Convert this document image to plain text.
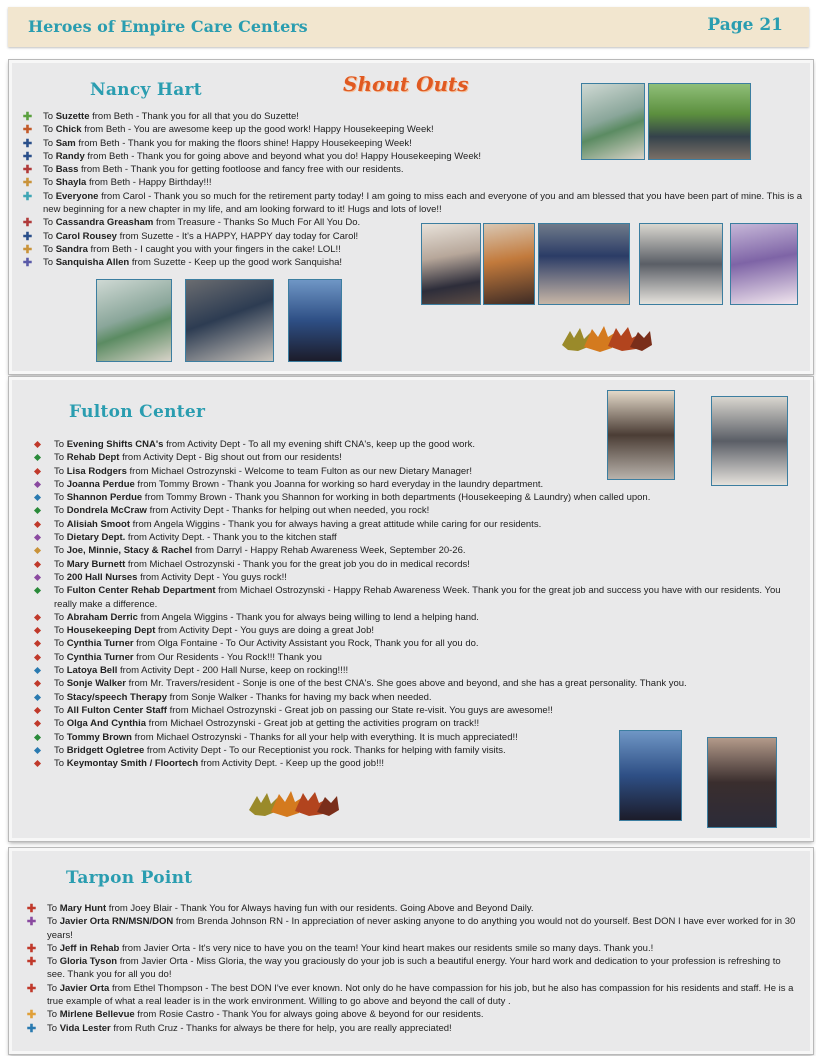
Heroes of Empire Care Centers	Page 21
Nancy Hart	Shout Outs
✚ To Suzette from Beth - Thank you for all that you do Suzette!
✚ To Chick from Beth - You are awesome keep up the good work! Happy Housekeeping Week!
✚ To Sam from Beth - Thank you for making the floors shine! Happy Housekeeping Week!
✚ To Randy from Beth - Thank you for going above and beyond what you do! Happy Housekeeping Week!
✚ To Bass from Beth - Thank you for getting footloose and fancy free with our residents.
✚ To Shayla from Beth - Happy Birthday!!!
✚ To Everyone from Carol - Thank you so much for the retirement party today! I am going to miss each and everyone of you and am blessed that you have been part of mine. This is a new beginning for a new chapter in my life, and am looking forward to it! Hugs and lots of love!!
✚ To Cassandra Greasham from Treasure - Thanks So Much For All You Do.
✚ To Carol Rousey from Suzette - It's a HAPPY, HAPPY day today for Carol!
✚ To Sandra from Beth - I caught you with your fingers in the cake! LOL!!
✚ To Sanquisha Allen from Suzette - Keep up the good work Sanquisha!
Fulton Center
To Evening Shifts CNA's from Activity Dept - To all my evening shift CNA's, keep up the good work.
To Rehab Dept from Activity Dept - Big shout out from our residents!
To Lisa Rodgers from Michael Ostrozynski - Welcome to team Fulton as our new Dietary Manager!
To Joanna Perdue from Tommy Brown - Thank you Joanna for working so hard everyday in the laundry department.
To Shannon Perdue from Tommy Brown - Thank you Shannon for working in both departments (Housekeeping & Laundry) when called upon.
To Dondrela McCraw from Activity Dept - Thanks for helping out when needed, you rock!
To Alisiah Smoot from Angela Wiggins - Thank you for always having a great attitude while caring for our residents.
To Dietary Dept. from Activity Dept. - Thank you to the kitchen staff
To Joe, Minnie, Stacy & Rachel from Darryl - Happy Rehab Awareness Week, September 20-26.
To Mary Burnett from Michael Ostrozynski - Thank you for the great job you do in medical records!
To 200 Hall Nurses from Activity Dept - You guys rock!!
To Fulton Center Rehab Department from Michael Ostrozynski - Happy Rehab Awareness Week. Thank you for the great job and success you have with our residents. You really make a difference.
To Abraham Derric from Angela Wiggins - Thank you for always being willing to lend a helping hand.
To Housekeeping Dept from Activity Dept - You guys are doing a great Job!
To Cynthia Turner from Olga Fontaine - To Our Activity Assistant you Rock, Thank you for all you do.
To Cynthia Turner from Our Residents - You Rock!!! Thank you
To Latoya Bell from Activity Dept - 200 Hall Nurse, keep on rocking!!!!
To Sonje Walker from Mr. Travers/resident - Sonje is one of the best CNA's. She goes above and beyond, and she has a great personality. Thank you.
To Stacy/speech Therapy from Sonje Walker - Thanks for having my back when needed.
To All Fulton Center Staff from Michael Ostrozynski - Great job on passing our State re-visit. You guys are awesome!!
To Olga And Cynthia from Michael Ostrozynski - Great job at getting the activities program on track!!
To Tommy Brown from Michael Ostrozynski - Thanks for all your help with everything. It is much appreciated!!
To Bridgett Ogletree from Activity Dept - To our Receptionist you rock. Thanks for helping with family visits.
To Keymontay Smith / Floortech from Activity Dept. - Keep up the good job!!!
Tarpon Point
✚ To Mary Hunt from Joey Blair - Thank You for Always having fun with our residents. Going Above and Beyond Daily.
✚ To Javier Orta RN/MSN/DON from Brenda Johnson RN - In appreciation of never asking anyone to do anything you would not do yourself. Best DON I have ever worked for in 30 years!
✚ To Jeff in Rehab from Javier Orta - It's very nice to have you on the team! Your kind heart makes our residents smile so many days. Thank you.!
✚ To Gloria Tyson from Javier Orta - Miss Gloria, the way you graciously do your job is such a beautiful energy. Your hard work and dedication to your profession is refreshing to see. Thank you for all you do!
✚ To Javier Orta from Ethel Thompson - The best DON I've ever known. Not only do he have compassion for his job, but he also has compassion for his residents and staff. He is a true example of what a real leader is in the work environment. Willing to go above and beyond the call of duty .
✚ To Mirlene Bellevue from Rosie Castro - Thank You for always going above & beyond for our residents.
✚ To Vida Lester from Ruth Cruz - Thanks for always be there for help, you are really appreciated!
